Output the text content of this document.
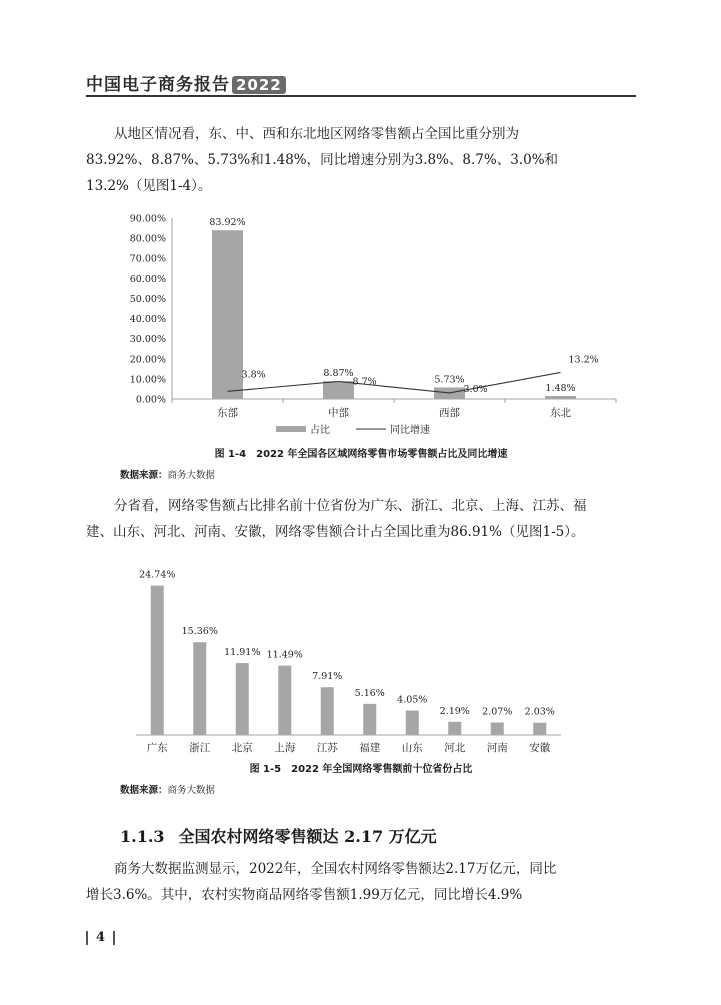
中国电子商务报告 2022

从地区情况看，东、中、西和东北地区网络零售额占全国比重分别为
83.92%、8.87%、5.73%和1.48%，同比增速分别为3.8%、8.7%、3.0%和
13.2%（见图1-4）。

0.00%
10.00%
20.00%
30.00%
40.00%
50.00%
60.00%
70.00%
80.00%
90.00%	83.92%
东部
8.87%
中部
5.73%
西部
1.48%
东北
3.8%
8.7%
3.0%
13.2%
占比	同比增速
图 1-4　2022 年全国各区域网络零售市场零售额占比及同比增速
数据来源：商务大数据

分省看，网络零售额占比排名前十位省份为广东、浙江、北京、上海、江苏、福
建、山东、河北、河南、安徽，网络零售额合计占全国比重为86.91%（见图1-5）。

24.74%
广东
15.36%
浙江
11.91%
北京
11.49%
上海
7.91%
江苏
5.16%
福建
4.05%
山东
2.19%
河北
2.07%
河南
2.03%
安徽
图 1-5　2022 年全国网络零售额前十位省份占比
数据来源：商务大数据
1.1.3 全国农村网络零售额达 2.17 万亿元

商务大数据监测显示，2022年，全国农村网络零售额达2.17万亿元，同比
增长3.6%。其中，农村实物商品网络零售额1.99万亿元，同比增长4.9%

4
